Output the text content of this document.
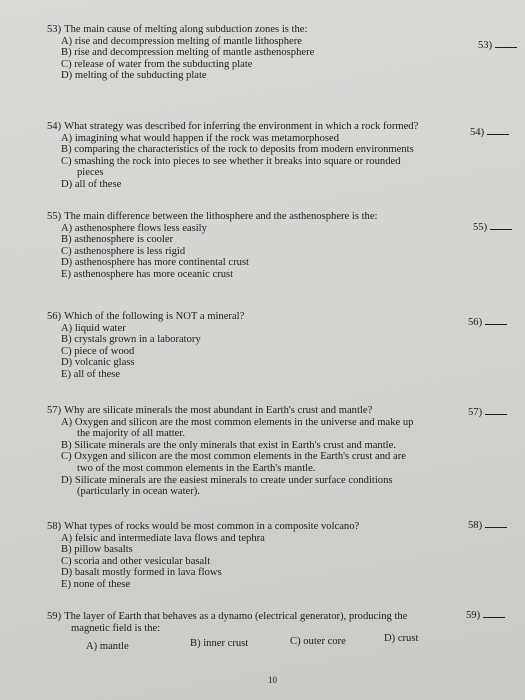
53) The main cause of melting along subduction zones is the:
A) rise and decompression melting of mantle lithosphere
B) rise and decompression melting of mantle asthenosphere
C) release of water from the subducting plate
D) melting of the subducting plate
53)
54) What strategy was described for inferring the environment in which a rock formed?
A) imagining what would happen if the rock was metamorphosed
B) comparing the characteristics of the rock to deposits from modern environments
C) smashing the rock into pieces to see whether it breaks into square or rounded
pieces
D) all of these
54)
55) The main difference between the lithosphere and the asthenosphere is the:
A) asthenosphere flows less easily
B) asthenosphere is cooler
C) asthenosphere is less rigid
D) asthenosphere has more continental crust
E) asthenosphere has more oceanic crust
55)
56) Which of the following is NOT a mineral?
A) liquid water
B) crystals grown in a laboratory
C) piece of wood
D) volcanic glass
E) all of these
56)
57) Why are silicate minerals the most abundant in Earth's crust and mantle?
A) Oxygen and silicon are the most common elements in the universe and make up
the majority of all matter.
B) Silicate minerals are the only minerals that exist in Earth's crust and mantle.
C) Oxygen and silicon are the most common elements in the Earth's crust and are
two of the most common elements in the Earth's mantle.
D) Silicate minerals are the easiest minerals to create under surface conditions
(particularly in ocean water).
57)
58) What types of rocks would be most common in a composite volcano?
A) felsic and intermediate lava flows and tephra
B) pillow basalts
C) scoria and other vesicular basalt
D) basalt mostly formed in lava flows
E) none of these
58)
59) The layer of Earth that behaves as a dynamo (electrical generator), producing the
magnetic field is the:
A) mantle	B) inner crust	C) outer core	D) crust
59)
10
